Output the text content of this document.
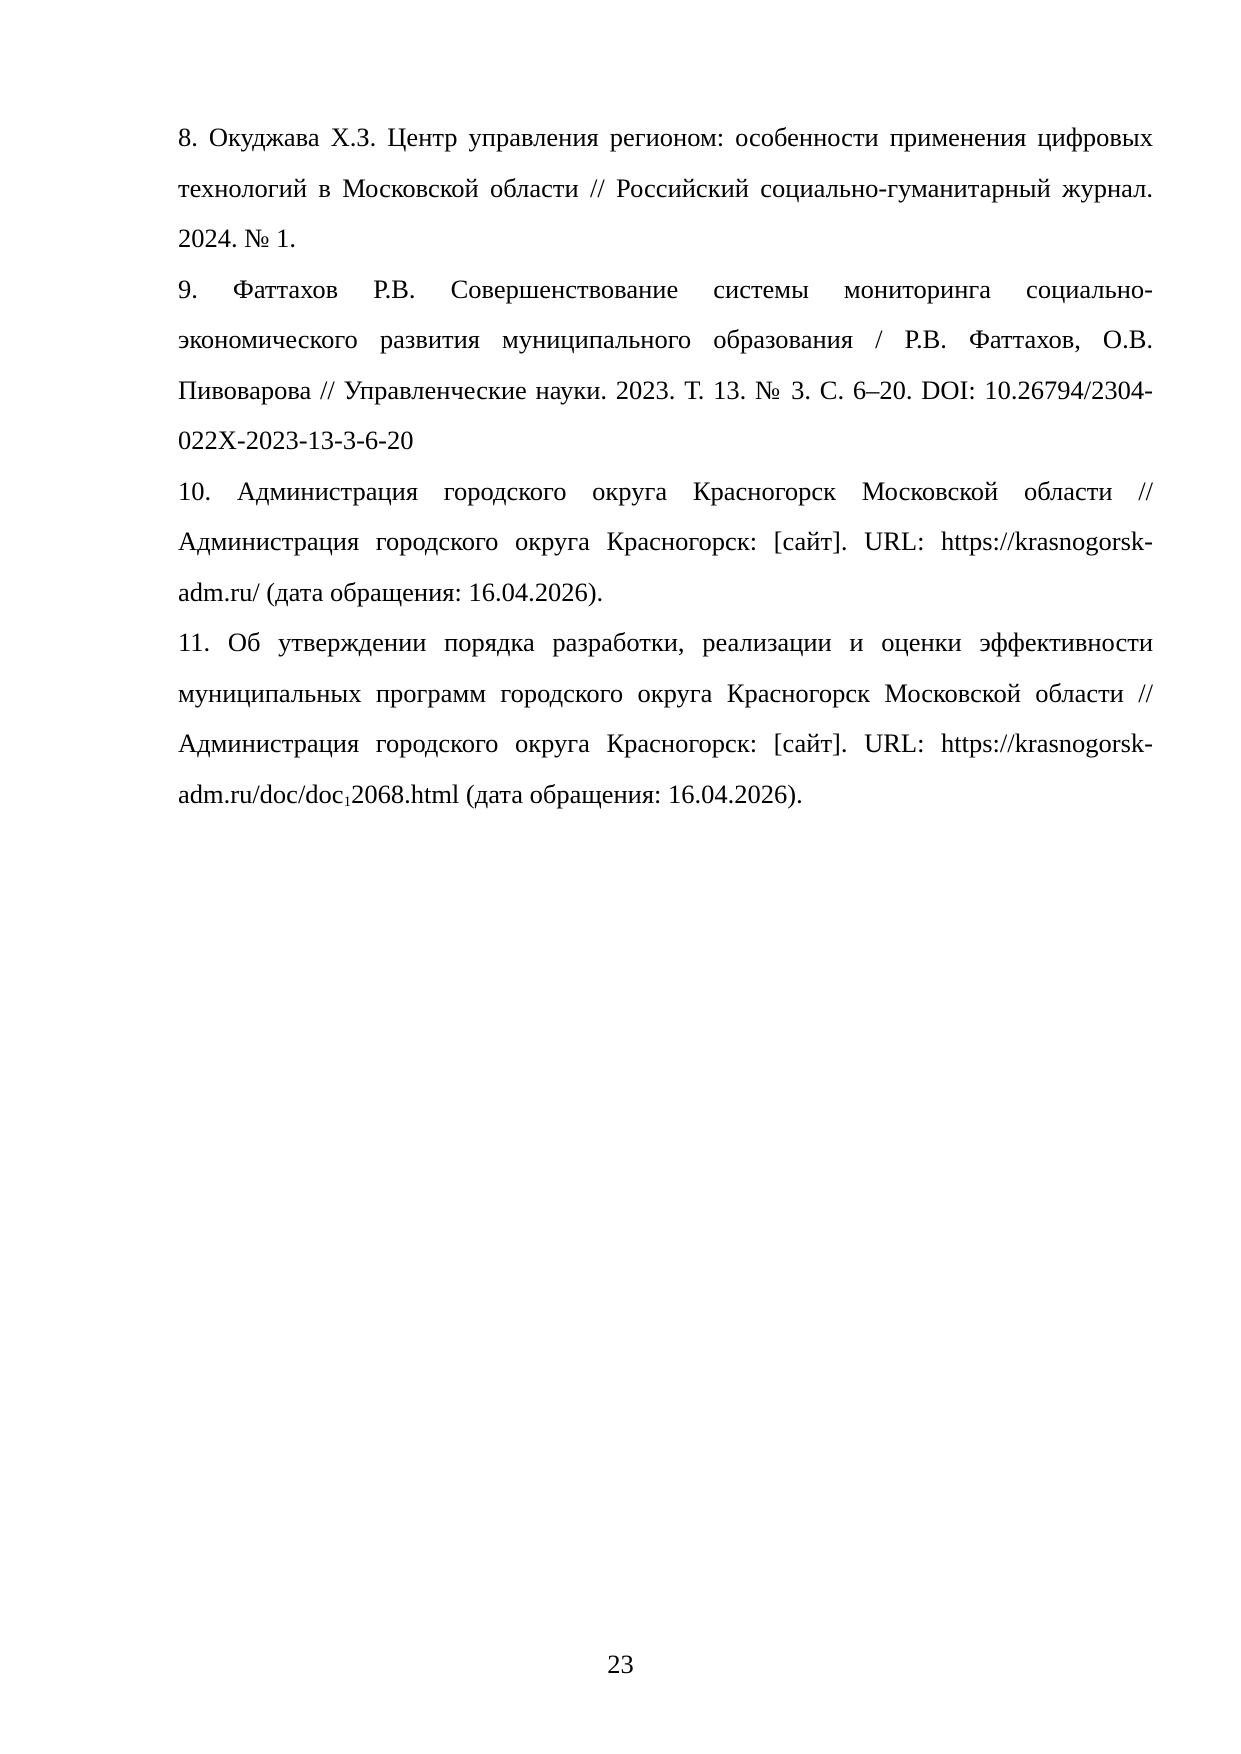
8. Окуджава Х.З. Центр управления регионом: особенности применения цифровых технологий в Московской области // Российский социально-гуманитарный журнал. 2024. № 1.

9. Фаттахов Р.В. Совершенствование системы мониторинга социально-экономического развития муниципального образования / Р.В. Фаттахов, О.В. Пивоварова // Управленческие науки. 2023. Т. 13. № 3. С. 6–20. DOI: 10.26794/2304-022X-2023-13-3-6-20

10. Администрация городского округа Красногорск Московской области // Администрация городского округа Красногорск: [сайт]. URL: https://krasnogorsk-adm.ru/ (дата обращения: 16.04.2026).

11. Об утверждении порядка разработки, реализации и оценки эффективности муниципальных программ городского округа Красногорск Московской области // Администрация городского округа Красногорск: [сайт]. URL: https://krasnogorsk-adm.ru/doc/doc$_1$2068.html (дата обращения: 16.04.2026).

23
